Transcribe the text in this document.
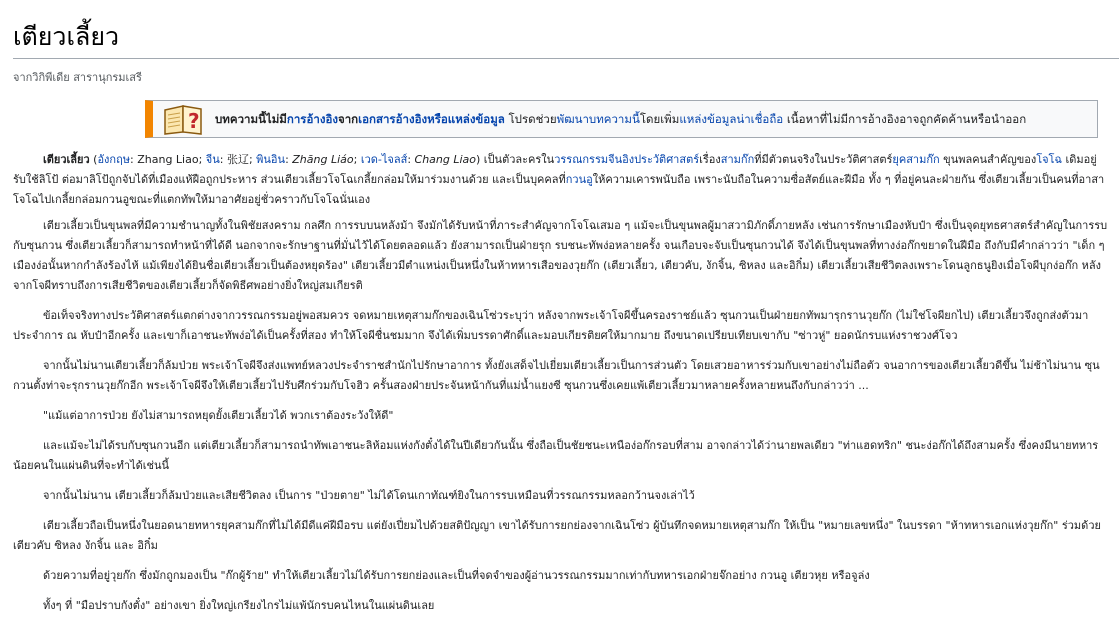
เตียวเลี้ยว
จากวิกิพีเดีย สารานุกรมเสรี
? บทความนี้ไม่มีการอ้างอิงจากเอกสารอ้างอิงหรือแหล่งข้อมูล โปรดช่วยพัฒนาบทความนี้โดยเพิ่มแหล่งข้อมูลน่าเชื่อถือ เนื้อหาที่ไม่มีการอ้างอิงอาจถูกคัดค้านหรือนำออก

เตียวเลี้ยว (อังกฤษ: Zhang Liao; จีน: 张辽; พินอิน: Zhāng Liáo; เวด-ไจลส์: Chang Liao) เป็นตัวละครในวรรณกรรมจีนอิงประวัติศาสตร์เรื่องสามก๊กที่มีตัวตนจริงในประวัติศาสตร์ยุคสามก๊ก ขุนพลคนสำคัญของโจโฉ เดิมอยู่รับใช้ลิโป้ ต่อมาลิโป้ถูกจับได้ที่เมืองแห้ฝือถูกประหาร ส่วนเตียวเลี้ยวโจโฉเกลี้ยกล่อมให้มาร่วมงานด้วย และเป็นบุคคลที่กวนอูให้ความเคารพนับถือ เพราะนับถือในความซื่อสัตย์และฝีมือ ทั้ง ๆ ที่อยู่คนละฝ่ายกัน ซึ่งเตียวเลี้ยวเป็นคนที่อาสาโจโฉไปเกลี้ยกล่อมกวนอูขณะที่แตกทัพให้มาอาศัยอยู่ชั่วคราวกับโจโฉนั่นเอง

เตียวเลี้ยวเป็นขุนพลที่มีความชำนาญทั้งในพิชัยสงคราม กลศึก การรบบนหลังม้า จึงมักได้รับหน้าที่ภาระสำคัญจากโจโฉเสมอ ๆ แม้จะเป็นขุนพลผู้มาสวามิภักดิ์ภายหลัง เช่นการรักษาเมืองหับป๋า ซึ่งเป็นจุดยุทธศาสตร์สำคัญในการรบกับซุนกวน ซึ่งเตียวเลี้ยวก็สามารถทำหน้าที่ได้ดี นอกจากจะรักษาฐานที่มั่นไว้ได้โดยตลอดแล้ว ยังสามารถเป็นฝ่ายรุก รบชนะทัพง่อหลายครั้ง จนเกือบจะจับเป็นซุนกวนได้ จึงได้เป็นขุนพลที่ทางง่อก๊กขยาดในฝีมือ ถึงกับมีคำกล่าวว่า "เด็ก ๆ เมืองง่อนั้นหากกำลังร้องไห้ แม้เพียงได้ยินชื่อเตียวเลี้ยวเป็นต้องหยุดร้อง" เตียวเลี้ยวมีตำแหน่งเป็นหนึ่งในห้าทหารเสือของวุยก๊ก (เตียวเลี้ยว, เตียวคับ, งักจิ้น, ซิหลง และอิกิ๋ม) เตียวเลี้ยวเสียชีวิตลงเพราะโดนลูกธนูยิงเมื่อโจผีบุกง่อก๊ก หลังจากโจผีทราบถึงการเสียชีวิตของเตียวเลี้ยวก็จัดพิธีศพอย่างยิ่งใหญ่สมเกียรติ

ข้อเท็จจริงทางประวัติศาสตร์แตกต่างจากวรรณกรรมอยู่พอสมควร จดหมายเหตุสามก๊กของเฉินโซ่วระบุว่า หลังจากพระเจ้าโจผีขึ้นครองราชย์แล้ว ซุนกวนเป็นฝ่ายยกทัพมารุกรานวุยก๊ก (ไม่ใช่โจผียกไป) เตียวเลี้ยวจึงถูกส่งตัวมาประจำการ ณ หับป๋าอีกครั้ง และเขาก็เอาชนะทัพง่อได้เป็นครั้งที่สอง ทำให้โจผีชื่นชมมาก จึงได้เพิ่มบรรดาศักดิ์และมอบเกียรติยศให้มากมาย ถึงขนาดเปรียบเทียบเขากับ "ซ่าวหู่" ยอดนักรบแห่งราชวงศ์โจว

จากนั้นไม่นานเตียวเลี้ยวก็ล้มป่วย พระเจ้าโจผีจึงส่งแพทย์หลวงประจำราชสำนักไปรักษาอาการ ทั้งยังเสด็จไปเยี่ยมเตียวเลี้ยวเป็นการส่วนตัว โดยเสวยอาหารร่วมกับเขาอย่างไม่ถือตัว จนอาการของเตียวเลี้ยวดีขึ้น ไม่ช้าไม่นาน ซุนกวนตั้งท่าจะรุกรานวุยก๊กอีก พระเจ้าโจผีจึงให้เตียวเลี้ยวไปรับศึกร่วมกับโจฮิว ครั้นสองฝ่ายประจันหน้ากันที่แม่น้ำแยงซี ซุนกวนซึ่งเคยแพ้เตียวเลี้ยวมาหลายครั้งหลายหนถึงกับกล่าวว่า ...

"แม้แต่อาการป่วย ยังไม่สามารถหยุดยั้งเตียวเลี้ยวได้ พวกเราต้องระวังให้ดี"

และแม้จะไม่ได้รบกับซุนกวนอีก แต่เตียวเลี้ยวก็สามารถนำทัพเอาชนะลิห้อมแห่งกังตั๋งได้ในปีเดียวกันนั้น ซึ่งถือเป็นชัยชนะเหนือง่อก๊กรอบที่สาม อาจกล่าวได้ว่านายพลเดียว "ท่าแฮดทริก" ชนะง่อก๊กได้ถึงสามครั้ง ซึ่งคงมีนายทหารน้อยคนในแผ่นดินที่จะทำได้เช่นนี้

จากนั้นไม่นาน เตียวเลี้ยวก็ล้มป่วยและเสียชีวิตลง เป็นการ "ป่วยตาย" ไม่ได้โดนเกาทัณฑ์ยิงในการรบเหมือนที่วรรณกรรมหลอกว้านจงเล่าไว้

เตียวเลี้ยวถือเป็นหนึ่งในยอดนายทหารยุคสามก๊กที่ไม่ได้มีดีแค่ฝีมือรบ แต่ยังเปี่ยมไปด้วยสติปัญญา เขาได้รับการยกย่องจากเฉินโซ่ว ผู้บันทึกจดหมายเหตุสามก๊ก ให้เป็น "หมายเลขหนึ่ง" ในบรรดา "ห้าทหารเอกแห่งวุยก๊ก" ร่วมด้วย เตียวคับ ซิหลง งักจิ้น และ อิกิ๋ม

ด้วยความที่อยู่วุยก๊ก ซึ่งมักถูกมองเป็น "ก๊กผู้ร้าย" ทำให้เตียวเลี้ยวไม่ได้รับการยกย่องและเป็นที่จดจำของผู้อ่านวรรณกรรมมากเท่ากับทหารเอกฝ่ายจ๊กอย่าง กวนอู เตียวหุย หรือจูล่ง

ทั้งๆ ที่ "มือปราบกังตั๋ง" อย่างเขา ยิ่งใหญ่เกรียงไกรไม่แพ้นักรบคนไหนในแผ่นดินเลย
